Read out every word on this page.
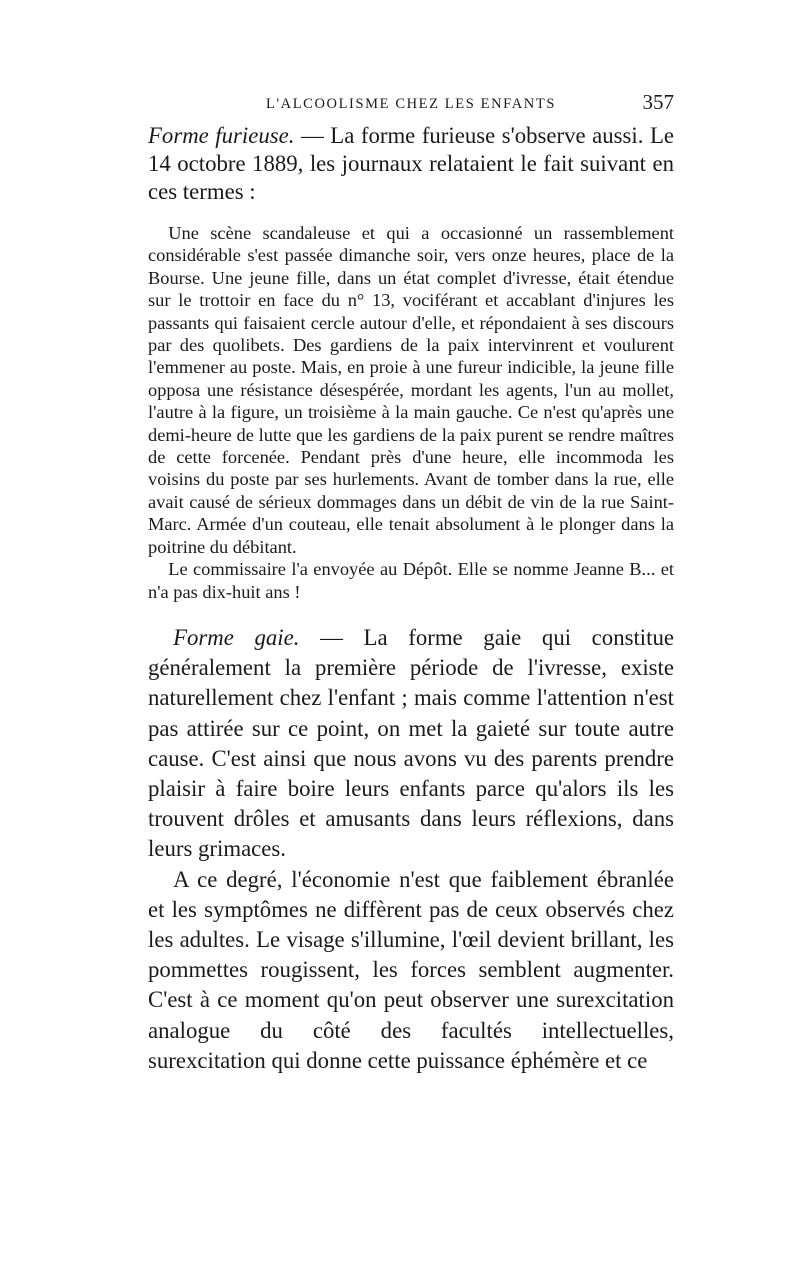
L'ALCOOLISME CHEZ LES ENFANTS	357

Forme furieuse. — La forme furieuse s'observe aussi. Le 14 octobre 1889, les journaux relataient le fait suivant en ces termes :

Une scène scandaleuse et qui a occasionné un rassemblement considérable s'est passée dimanche soir, vers onze heures, place de la Bourse. Une jeune fille, dans un état complet d'ivresse, était étendue sur le trottoir en face du n° 13, vociférant et accablant d'injures les passants qui faisaient cercle autour d'elle, et répondaient à ses discours par des quolibets. Des gardiens de la paix intervinrent et voulurent l'emmener au poste. Mais, en proie à une fureur indicible, la jeune fille opposa une résistance désespérée, mordant les agents, l'un au mollet, l'autre à la figure, un troisième à la main gauche. Ce n'est qu'après une demi-heure de lutte que les gardiens de la paix purent se rendre maîtres de cette forcenée. Pendant près d'une heure, elle incommoda les voisins du poste par ses hurlements. Avant de tomber dans la rue, elle avait causé de sérieux dommages dans un débit de vin de la rue Saint-Marc. Armée d'un couteau, elle tenait absolument à le plonger dans la poitrine du débitant.

Le commissaire l'a envoyée au Dépôt. Elle se nomme Jeanne B... et n'a pas dix-huit ans !

Forme gaie. — La forme gaie qui constitue généralement la première période de l'ivresse, existe naturellement chez l'enfant ; mais comme l'attention n'est pas attirée sur ce point, on met la gaieté sur toute autre cause. C'est ainsi que nous avons vu des parents prendre plaisir à faire boire leurs enfants parce qu'alors ils les trouvent drôles et amusants dans leurs réflexions, dans leurs grimaces.

A ce degré, l'économie n'est que faiblement ébranlée et les symptômes ne diffèrent pas de ceux observés chez les adultes. Le visage s'illumine, l'œil devient brillant, les pommettes rougissent, les forces semblent augmenter. C'est à ce moment qu'on peut observer une surexcitation analogue du côté des facultés intellectuelles, surexcitation qui donne cette puissance éphémère et ce
